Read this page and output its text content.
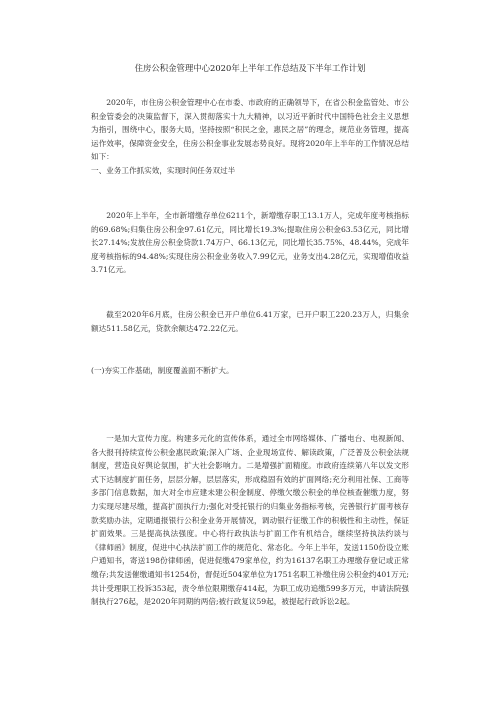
住房公积金管理中心2020年上半年工作总结及下半年工作计划

2020年，市住房公积金管理中心在市委、市政府的正确领导下，在省公积金监管处、市公积金管委会的决策监督下，深入贯彻落实十九大精神，以习近平新时代中国特色社会主义思想为指引，围绕中心，服务大局，坚持按照“积民之金，惠民之居”的理念，规范业务管理，提高运作效率，保障资金安全，住房公积金事业发展态势良好。现将2020年上半年的工作情况总结如下：

一、业务工作抓实效，实现时间任务双过半

2020年上半年，全市新增缴存单位6211个，新增缴存职工13.1万人，完成年度考核指标的69.68%;归集住房公积金97.61亿元，同比增长19.3%;提取住房公积金63.53亿元，同比增长27.14%;发放住房公积金贷款1.74万户、66.13亿元，同比增长35.75%、48.44%，完成年度考核指标的94.48%;实现住房公积金业务收入7.99亿元，业务支出4.28亿元，实现增值收益3.71亿元。

截至2020年6月底，住房公积金已开户单位6.41万家，已开户职工220.23万人，归集余额达511.58亿元，贷款余额达472.22亿元。

(一)夯实工作基础，制度覆盖面不断扩大。

一是加大宣传力度。构建多元化的宣传体系，通过全市网络媒体、广播电台、电视新闻、各大报刊持续宣传公积金惠民政策;深入广场、企业现场宣传、解读政策，广泛普及公积金法规制度，营造良好舆论氛围，扩大社会影响力。二是增强扩面精度。市政府连续第八年以发文形式下达制度扩面任务，层层分解，层层落实，形成稳固有效的扩面网络;充分利用社保、工商等多部门信息数据，加大对全市应建未建公积金制度、停缴欠缴公积金的单位核查催缴力度，努力实现尽建尽缴，提高扩面执行力;强化对受托银行的归集业务指标考核，完善银行扩面考核存款奖励办法，定期通报银行公积金业务开展情况，调动银行征缴工作的积极性和主动性，保证扩面效果。三是提高执法强度。中心将行政执法与扩面工作有机结合，继续坚持执法约谈与《律师函》制度，促进中心执法扩面工作的规范化、常态化。今年上半年，发送1150份设立账户通知书，寄送198份律师函，促进促缴479家单位，约为16137名职工办理缴存登记或正常缴存;共发送催缴通知书1254份，督促近504家单位为1751名职工补缴住房公积金约401万元;共计受理职工投诉353起，责令单位限期缴存414起，为职工成功追缴599多万元，申请法院强制执行276起，是2020年同期的两倍;被行政复议59起，被提起行政诉讼2起。
